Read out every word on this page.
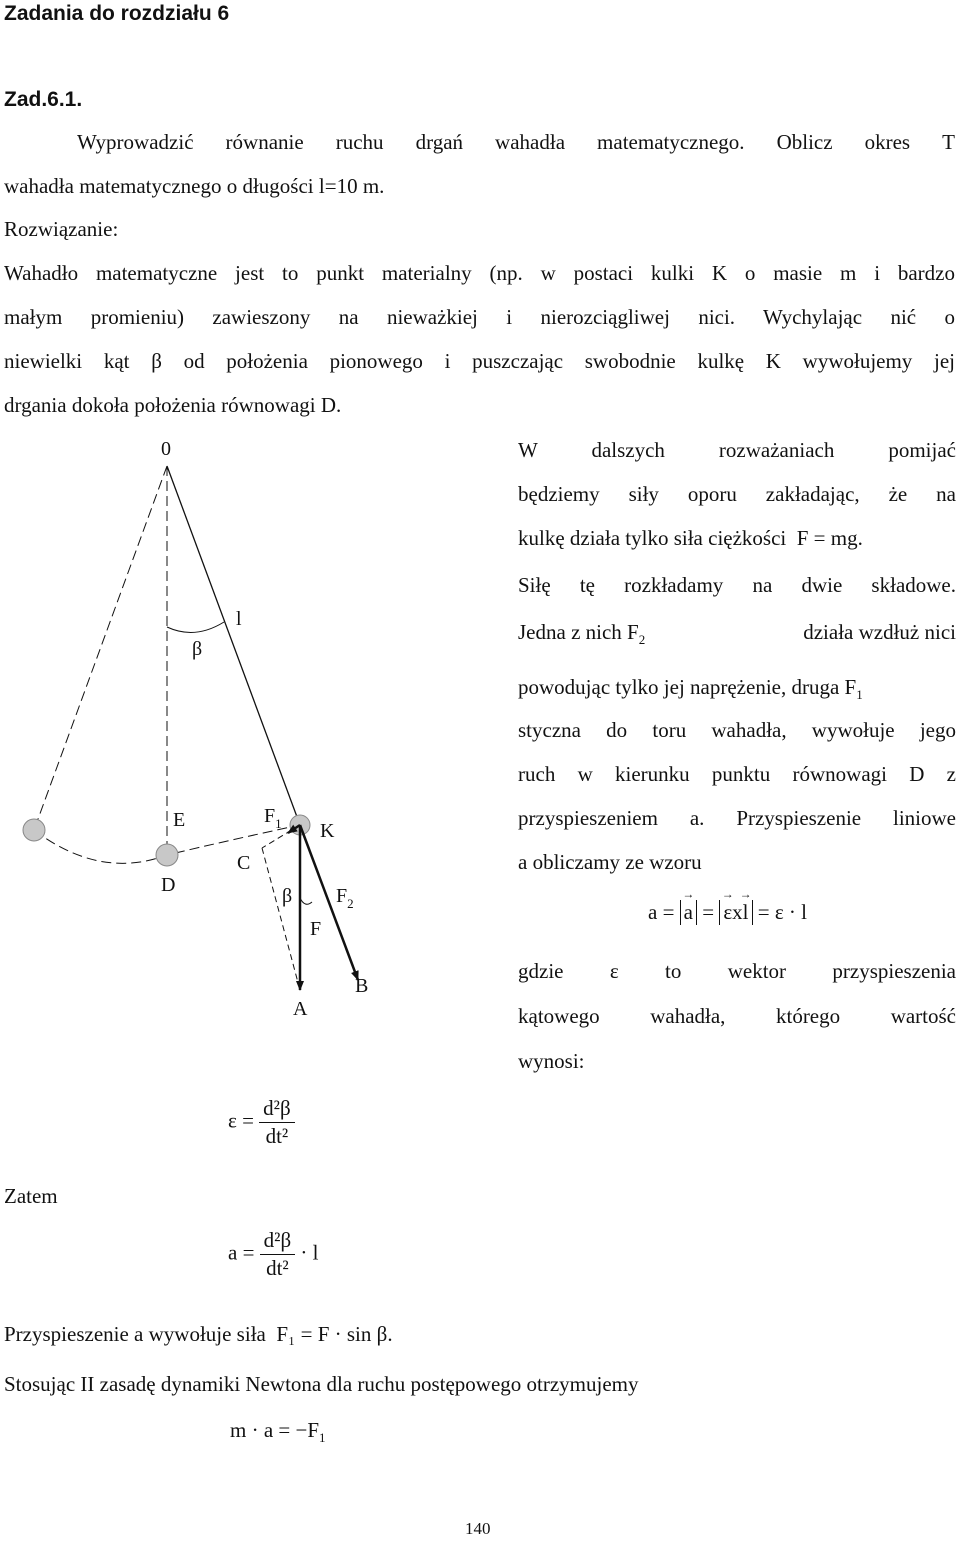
Zadania do rozdziału 6
Zad.6.1.
Wyprowadzić równanie ruchu drgań wahadła matematycznego. Oblicz okres T
wahadła matematycznego o długości l=10 m.
Rozwiązanie:
Wahadło matematyczne jest to punkt materialny (np. w postaci kulki K o masie m i bardzo
małym promieniu) zawieszony na nieważkiej i nierozciągliwej nici. Wychylając nić o
niewielki kąt β od położenia pionowego i puszczając swobodnie kulkę K wywołujemy jej
drgania dokoła położenia równowagi D.
W dalszych rozważaniach pomijać
będziemy siły oporu zakładając, że na
kulkę działa tylko siła ciężkości F = mg.
Siłę tę rozkładamy na dwie składowe.
Jedna z nich $F_2$	działa wzdłuż nici
powodując tylko jej naprężenie, druga $F_1$
styczna do toru wahadła, wywołuje jego
ruch w kierunku punktu równowagi D z
przyspieszeniem a. Przyspieszenie liniowe
a obliczamy ze wzoru
a = → a = → εx→ l = ε · l
gdzie ε to wektor przyspieszenia
kątowego wahadła, którego wartość
wynosi:
0
l
β
E
D
C
$F_1$ K
$F_2$
β
F
A
B
$\varepsilon = \frac{\text{d²β}}{\text{dt²}}$
Zatem
$a = \frac{\text{d²β}}{\text{dt²}} \cdot l$
Przyspieszenie a wywołuje siła F₁ = F · sin β.
Stosując II zasadę dynamiki Newtona dla ruchu postępowego otrzymujemy
$m \cdot a = -F_1$
140
